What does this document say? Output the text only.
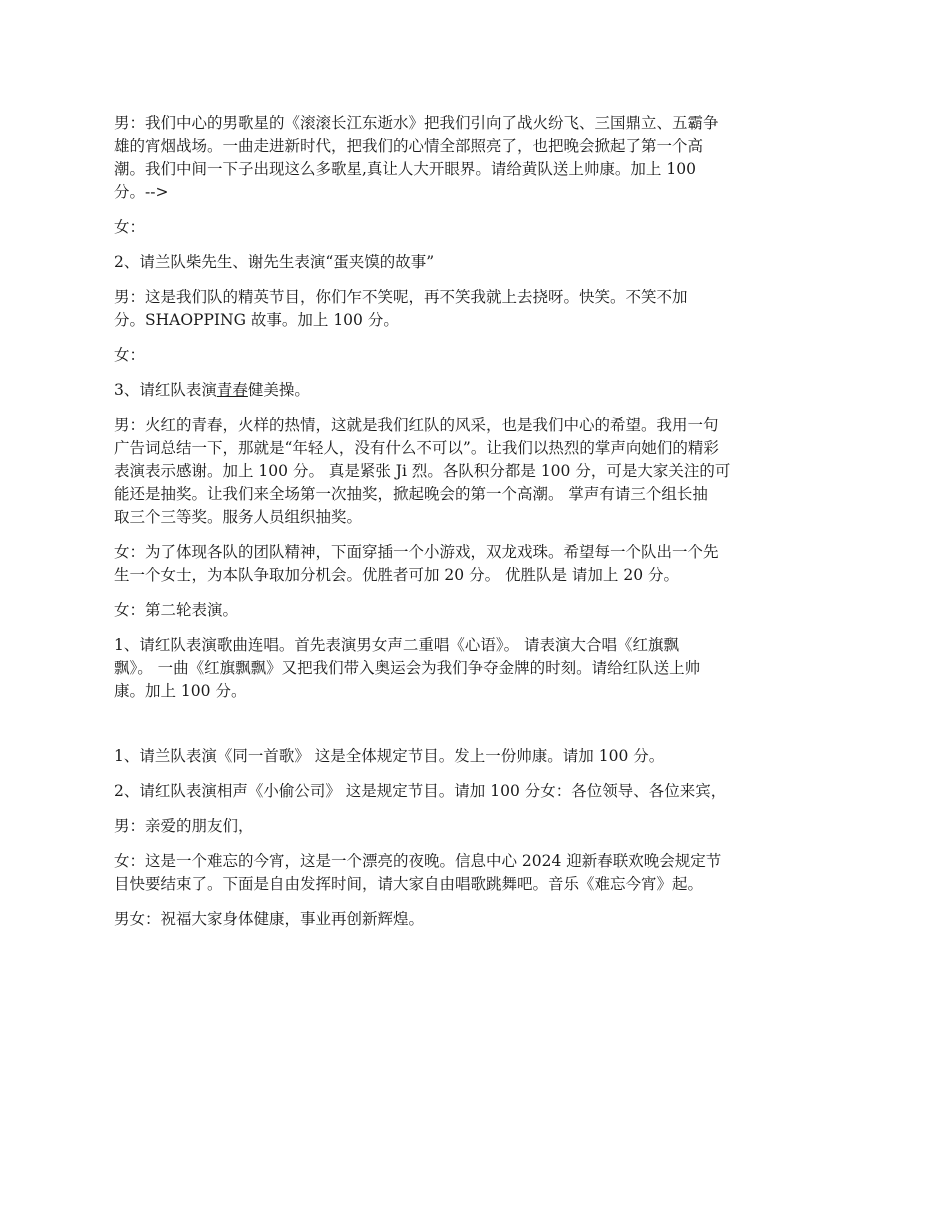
男：我们中心的男歌星的《滚滚长江东逝水》把我们引向了战火纷飞、三国鼎立、五霸争
雄的宵烟战场。一曲走进新时代，把我们的心情全部照亮了，也把晚会掀起了第一个高
潮。我们中间一下子出现这么多歌星,真让人大开眼界。请给黄队送上帅康。加上 100
分。-->

女：

2、请兰队柴先生、谢先生表演“蛋夹馍的故事”

男：这是我们队的精英节目，你们乍不笑呢，再不笑我就上去挠呀。快笑。不笑不加
分。SHAOPPING 故事。加上 100 分。

女：

3、请红队表演青春健美操。

男：火红的青春，火样的热情，这就是我们红队的风采，也是我们中心的希望。我用一句
广告词总结一下，那就是“年轻人，没有什么不可以”。让我们以热烈的掌声向她们的精彩
表演表示感谢。加上 100 分。 真是紧张 Ji 烈。各队积分都是 100 分，可是大家关注的可
能还是抽奖。让我们来全场第一次抽奖，掀起晚会的第一个高潮。 掌声有请三个组长抽
取三个三等奖。服务人员组织抽奖。

女：为了体现各队的团队精神，下面穿插一个小游戏，双龙戏珠。希望每一个队出一个先
生一个女士，为本队争取加分机会。优胜者可加 20 分。 优胜队是 请加上 20 分。

女：第二轮表演。

1、请红队表演歌曲连唱。首先表演男女声二重唱《心语》。 请表演大合唱《红旗飘
飘》。 一曲《红旗飘飘》又把我们带入奥运会为我们争夺金牌的时刻。请给红队送上帅
康。加上 100 分。

1、请兰队表演《同一首歌》 这是全体规定节目。发上一份帅康。请加 100 分。

2、请红队表演相声《小偷公司》 这是规定节目。请加 100 分女：各位领导、各位来宾，

男：亲爱的朋友们，

女：这是一个难忘的今宵，这是一个漂亮的夜晚。信息中心 2024 迎新春联欢晚会规定节
目快要结束了。下面是自由发挥时间，请大家自由唱歌跳舞吧。音乐《难忘今宵》起。

男女：祝福大家身体健康，事业再创新辉煌。
